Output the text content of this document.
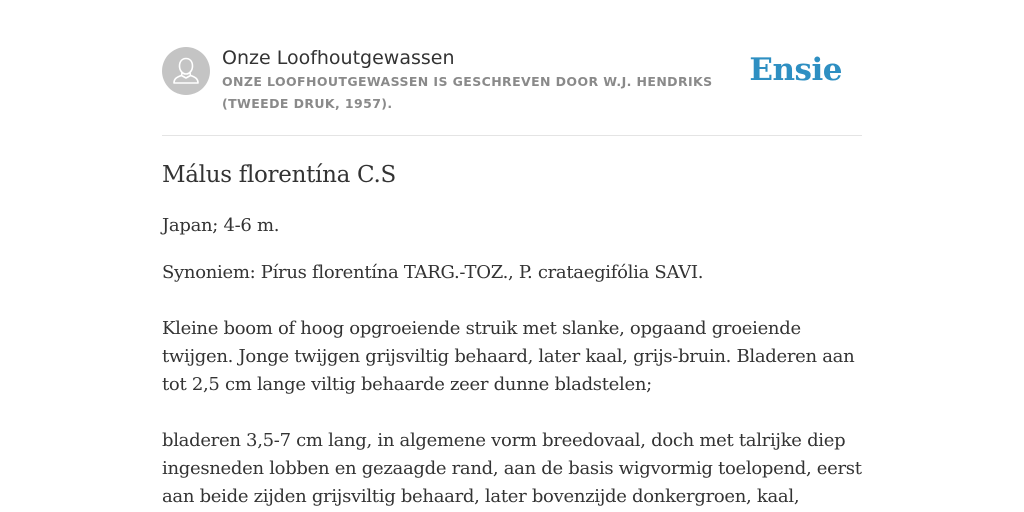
Onze Loofhoutgewassen
ONZE LOOFHOUTGEWASSEN IS GESCHREVEN DOOR W.J. HENDRIKS (TWEEDE DRUK, 1957).
Ensie
Málus florentína C.S

Japan; 4-6 m.

Synoniem: Pírus florentína TARG.-TOZ., P. crataegifólia SAVI.

Kleine boom of hoog opgroeiende struik met slanke, opgaand groeiende twijgen. Jonge twijgen grijsviltig behaard, later kaal, grijs-bruin. Bladeren aan tot 2,5 cm lange viltig behaarde zeer dunne bladstelen;

bladeren 3,5-7 cm lang, in algemene vorm breedovaal, doch met talrijke diep ingesneden lobben en gezaagde rand, aan de basis wigvormig toelopend, eerst aan beide zijden grijsviltig behaard, later bovenzijde donkergroen, kaal,
